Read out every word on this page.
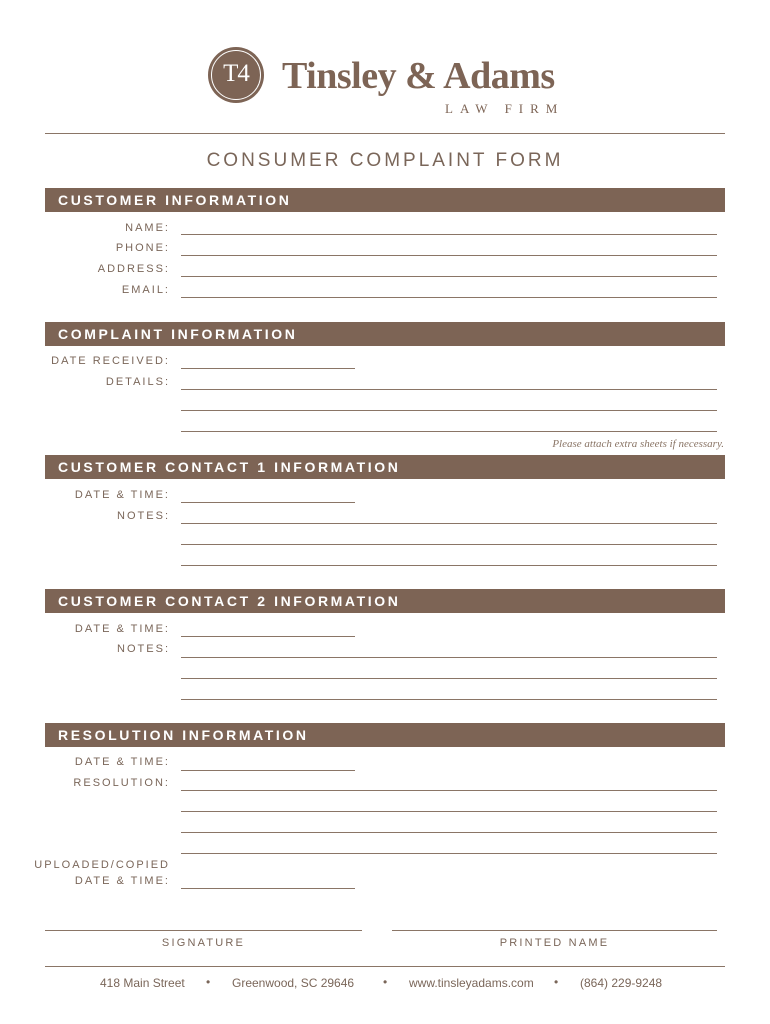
T4 Tinsley & Adams
LAW FIRM
CONSUMER COMPLAINT FORM
CUSTOMER INFORMATION
NAME:
PHONE:
ADDRESS:
EMAIL:
COMPLAINT INFORMATION
DATE RECEIVED:
DETAILS:
Please attach extra sheets if necessary.
CUSTOMER CONTACT 1 INFORMATION
DATE & TIME:
NOTES:
CUSTOMER CONTACT 2 INFORMATION
DATE & TIME:
NOTES:
RESOLUTION INFORMATION
DATE & TIME:
RESOLUTION:
UPLOADED/COPIED
DATE & TIME:
SIGNATURE	PRINTED NAME
418 Main Street • Greenwood, SC 29646 • www.tinsleyadams.com • (864) 229-9248
